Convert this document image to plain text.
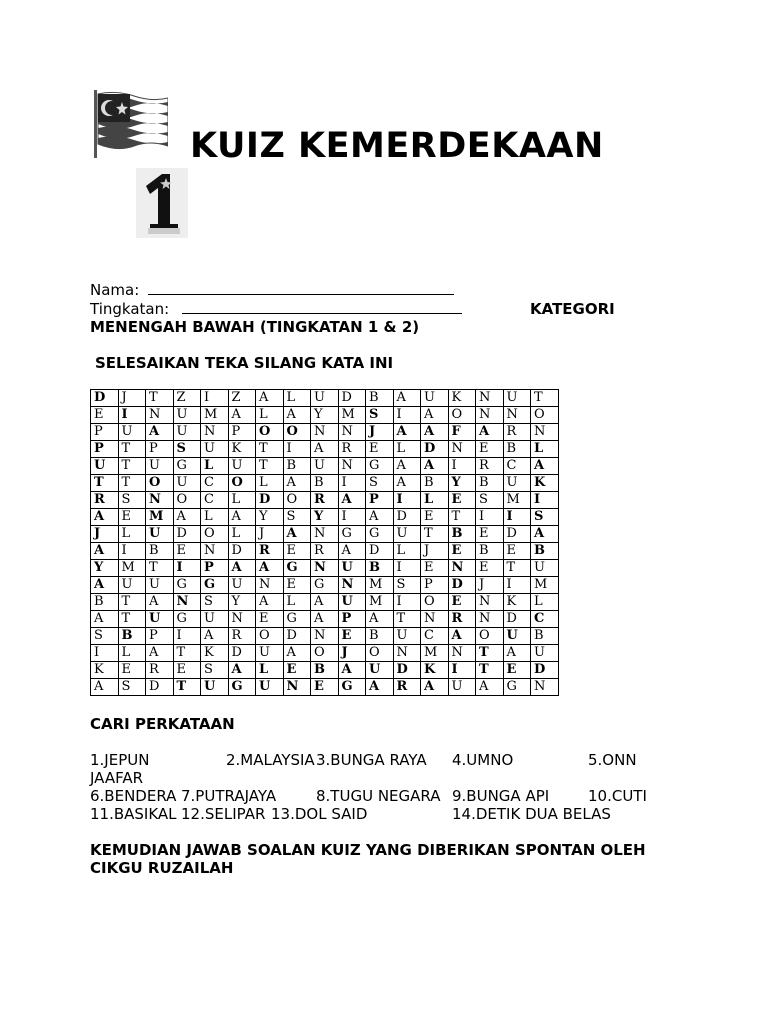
KUIZ KEMERDEKAAN
Nama:
Tingkatan:	KATEGORI
MENENGAH BAWAH (TINGKATAN 1 & 2)
SELESAIKAN TEKA SILANG KATA INI
D	J	T	Z	I	Z	A	L	U	D	B	A	U	K	N	U	T
E	I	N	U	M	A	L	A	Y	M	S	I	A	O	N	N	O
P	U	A	U	N	P	O	O	N	N	J	A	A	F	A	R	N
P	T	P	S	U	K	T	I	A	R	E	L	D	N	E	B	L
U	T	U	G	L	U	T	B	U	N	G	A	A	I	R	C	A
T	T	O	U	C	O	L	A	B	I	S	A	B	Y	B	U	K
R	S	N	O	C	L	D	O	R	A	P	I	L	E	S	M	I
A	E	M	A	L	A	Y	S	Y	I	A	D	E	T	I	I	S
J	L	U	D	O	L	J	A	N	G	G	U	T	B	E	D	A
A	I	B	E	N	D	R	E	R	A	D	L	J	E	B	E	B
Y	M	T	I	P	A	A	G	N	U	B	I	E	N	E	T	U
A	U	U	G	G	U	N	E	G	N	M	S	P	D	J	I	M
B	T	A	N	S	Y	A	L	A	U	M	I	O	E	N	K	L
A	T	U	G	U	N	E	G	A	P	A	T	N	R	N	D	C
S	B	P	I	A	R	O	D	N	E	B	U	C	A	O	U	B
I	L	A	T	K	D	U	A	O	J	O	N	M	N	T	A	U
K	E	R	E	S	A	L	E	B	A	U	D	K	I	T	E	D
A	S	D	T	U	G	U	N	E	G	A	R	A	U	A	G	N
CARI PERKATAAN
1.JEPUN	2.MALAYSIA 3.BUNGA RAYA 4.UMNO	5.ONN
JAAFAR
6.BENDERA 7.PUTRAJAYA	8.TUGU NEGARA 9.BUNGA API	10.CUTI
11.BASIKAL 12.SELIPAR 13.DOL SAID	14.DETIK DUA BELAS
KEMUDIAN JAWAB SOALAN KUIZ YANG DIBERIKAN SPONTAN OLEH
CIKGU RUZAILAH
